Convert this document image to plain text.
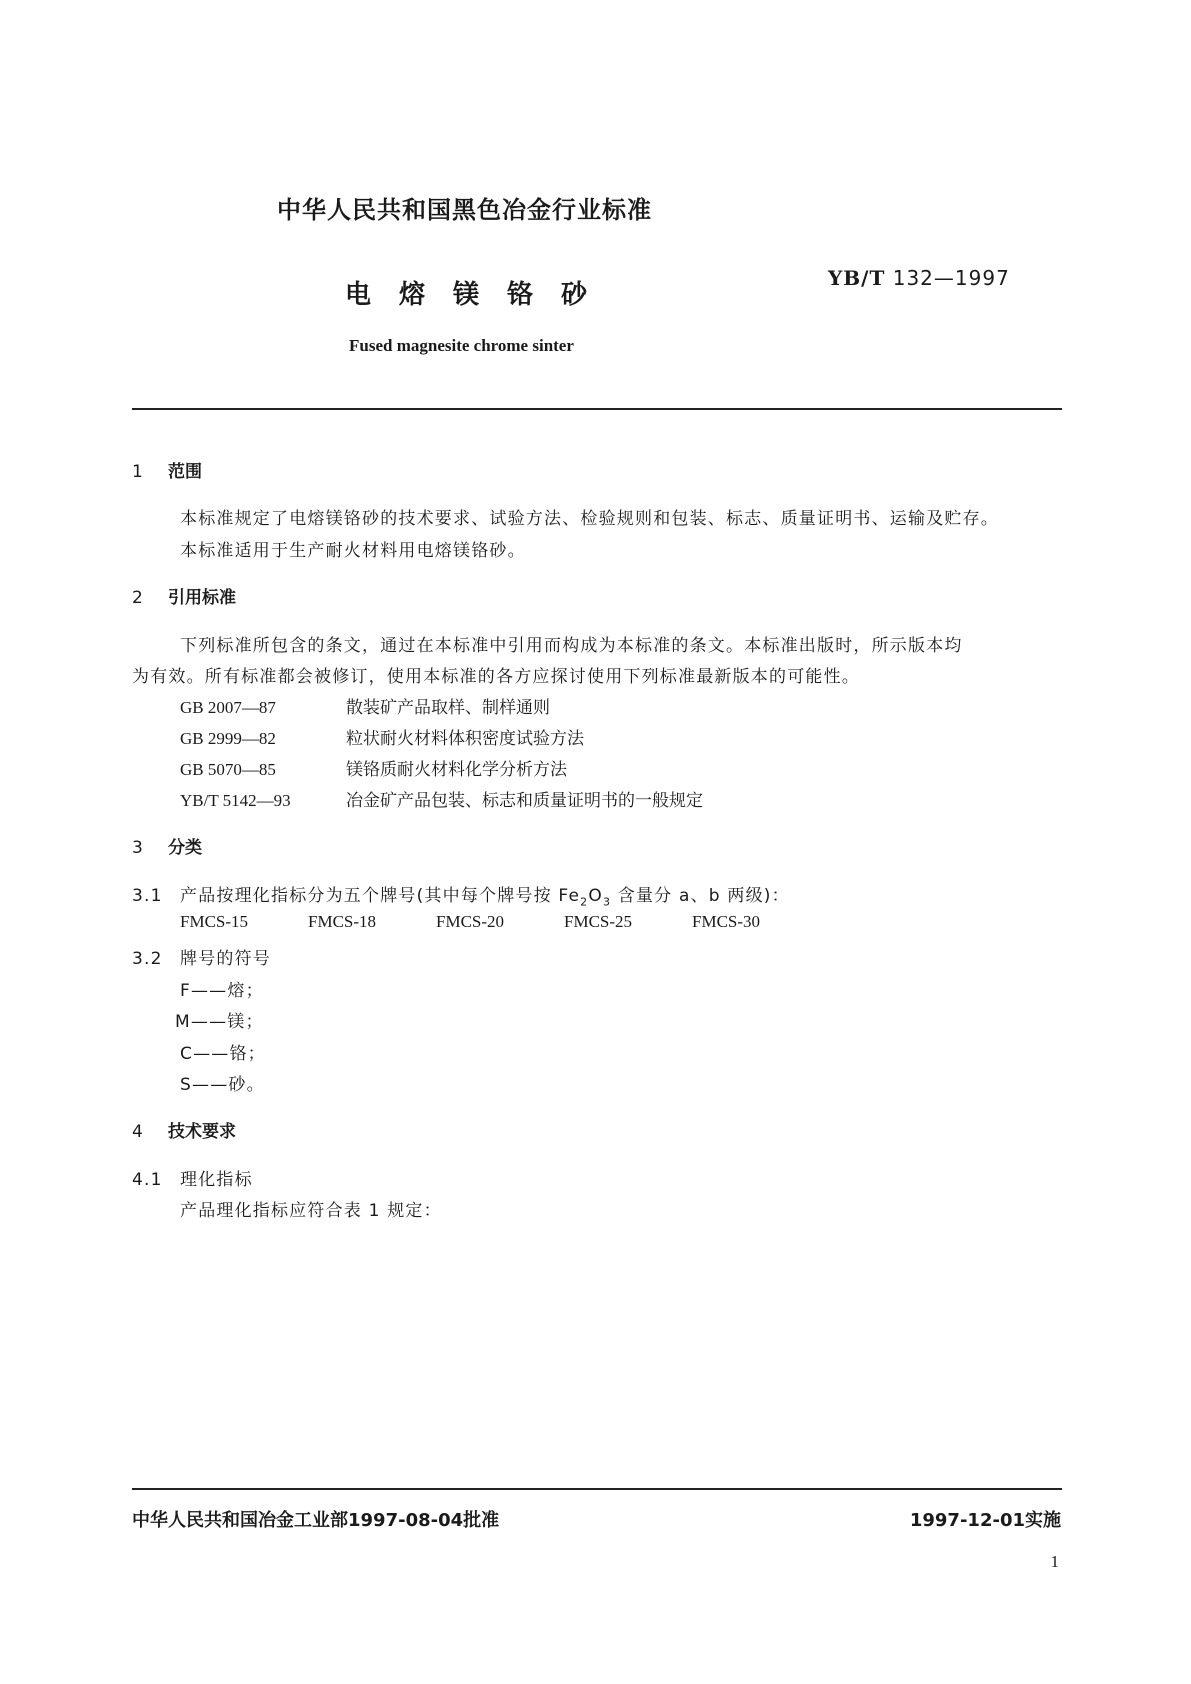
中华人民共和国黑色冶金行业标准
电熔镁铬砂
YB/T 132—1997
Fused magnesite chrome sinter
1 范围
本标准规定了电熔镁铬砂的技术要求、试验方法、检验规则和包装、标志、质量证明书、运输及贮存。
本标准适用于生产耐火材料用电熔镁铬砂。
2 引用标准
下列标准所包含的条文，通过在本标准中引用而构成为本标准的条文。本标准出版时，所示版本均
为有效。所有标准都会被修订，使用本标准的各方应探讨使用下列标准最新版本的可能性。
GB 2007—87	散装矿产品取样、制样通则
GB 2999—82	粒状耐火材料体积密度试验方法
GB 5070—85	镁铬质耐火材料化学分析方法
YB/T 5142—93	冶金矿产品包装、标志和质量证明书的一般规定
3 分类
3.1 产品按理化指标分为五个牌号(其中每个牌号按 $Fe_2O_3$ 含量分 a、b 两级)：
FMCS-15	FMCS-18	FMCS-20	FMCS-25	FMCS-30
3.2 牌号的符号
F——熔；
M——镁；
C——铬；
S——砂。
4 技术要求
4.1 理化指标
产品理化指标应符合表 1 规定：
中华人民共和国冶金工业部1997-08-04批准	1997-12-01实施
1
